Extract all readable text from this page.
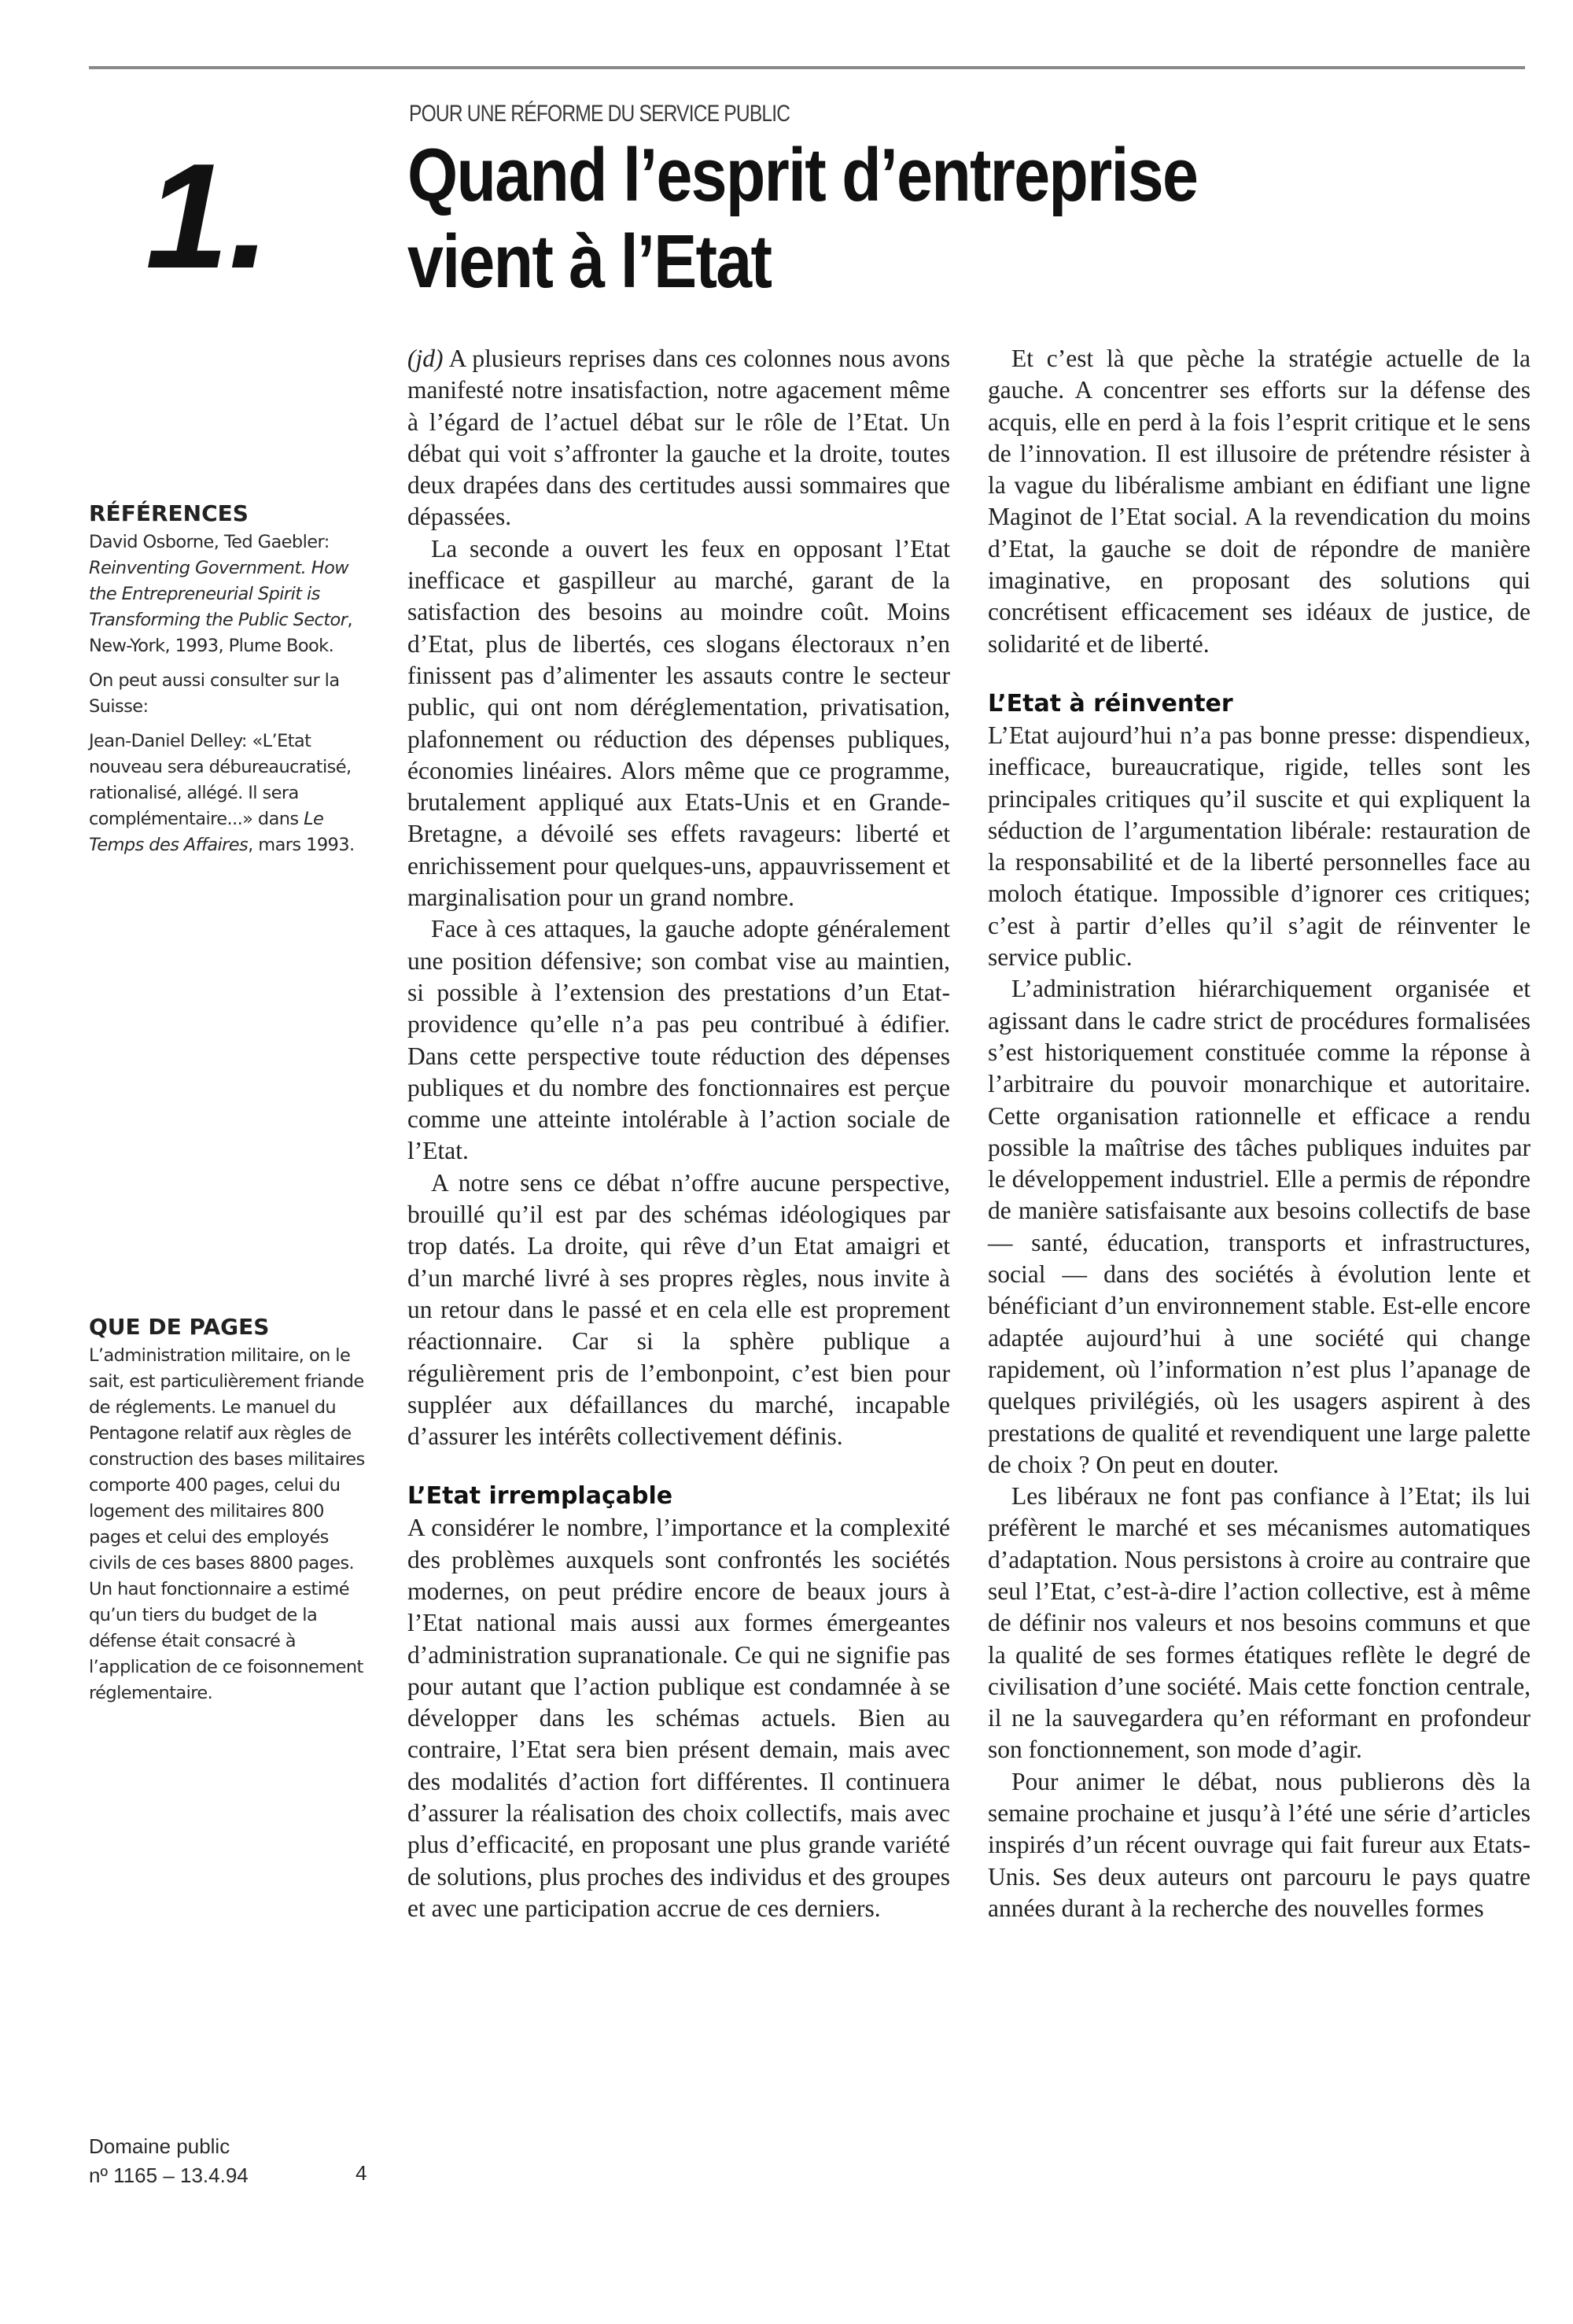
POUR UNE RÉFORME DU SERVICE PUBLIC
1. Quand l’esprit d’entreprise
vient à l’Etat
RÉFÉRENCES

David Osborne, Ted Gaebler: Reinventing Government. How the Entrepreneurial Spirit is Transforming the Public Sector, New-York, 1993, Plume Book.

On peut aussi consulter sur la Suisse:

Jean-Daniel Delley: «L’Etat nouveau sera débureaucratisé, rationalisé, allégé. Il sera complémentaire...» dans Le Temps des Affaires, mars 1993.

QUE DE PAGES

L’administration militaire, on le sait, est particulièrement friande de réglements. Le manuel du Pentagone relatif aux règles de construction des bases militaires comporte 400 pages, celui du logement des militaires 800 pages et celui des employés civils de ces bases 8800 pages. Un haut fonctionnaire a estimé qu’un tiers du budget de la défense était consacré à l’application de ce foisonnement réglementaire.

Domaine public
nº 1165 – 13.4.94	4

(jd) A plusieurs reprises dans ces colonnes nous avons manifesté notre insatisfaction, notre agacement même à l’égard de l’actuel débat sur le rôle de l’Etat. Un débat qui voit s’affronter la gauche et la droite, toutes deux drapées dans des certitudes aussi sommaires que dépassées.

La seconde a ouvert les feux en opposant l’Etat inefficace et gaspilleur au marché, garant de la satisfaction des besoins au moindre coût. Moins d’Etat, plus de libertés, ces slogans électoraux n’en finissent pas d’alimenter les assauts contre le secteur public, qui ont nom déréglementation, privatisation, plafonnement ou réduction des dépenses publiques, économies linéaires. Alors même que ce programme, brutalement appliqué aux Etats-Unis et en Grande-Bretagne, a dévoilé ses effets ravageurs: liberté et enrichissement pour quelques-uns, appauvrissement et marginalisation pour un grand nombre.

Face à ces attaques, la gauche adopte généralement une position défensive; son combat vise au maintien, si possible à l’extension des prestations d’un Etat-providence qu’elle n’a pas peu contribué à édifier. Dans cette perspective toute réduction des dépenses publiques et du nombre des fonctionnaires est perçue comme une atteinte intolérable à l’action sociale de l’Etat.

A notre sens ce débat n’offre aucune perspective, brouillé qu’il est par des schémas idéologiques par trop datés. La droite, qui rêve d’un Etat amaigri et d’un marché livré à ses propres règles, nous invite à un retour dans le passé et en cela elle est proprement réactionnaire. Car si la sphère publique a régulièrement pris de l’embonpoint, c’est bien pour suppléer aux défaillances du marché, incapable d’assurer les intérêts collectivement définis.

L’Etat irremplaçable

A considérer le nombre, l’importance et la complexité des problèmes auxquels sont confrontés les sociétés modernes, on peut prédire encore de beaux jours à l’Etat national mais aussi aux formes émergeantes d’administration supranationale. Ce qui ne signifie pas pour autant que l’action publique est condamnée à se développer dans les schémas actuels. Bien au contraire, l’Etat sera bien présent demain, mais avec des modalités d’action fort différentes. Il continuera d’assurer la réalisation des choix collectifs, mais avec plus d’efficacité, en proposant une plus grande variété de solutions, plus proches des individus et des groupes et avec une participation accrue de ces derniers.

Et c’est là que pèche la stratégie actuelle de la gauche. A concentrer ses efforts sur la défense des acquis, elle en perd à la fois l’esprit critique et le sens de l’innovation. Il est illusoire de prétendre résister à la vague du libéralisme ambiant en édifiant une ligne Maginot de l’Etat social. A la revendication du moins d’Etat, la gauche se doit de répondre de manière imaginative, en proposant des solutions qui concrétisent efficacement ses idéaux de justice, de solidarité et de liberté.

L’Etat à réinventer

L’Etat aujourd’hui n’a pas bonne presse: dispendieux, inefficace, bureaucratique, rigide, telles sont les principales critiques qu’il suscite et qui expliquent la séduction de l’argumentation libérale: restauration de la responsabilité et de la liberté personnelles face au moloch étatique. Impossible d’ignorer ces critiques; c’est à partir d’elles qu’il s’agit de réinventer le service public.

L’administration hiérarchiquement organisée et agissant dans le cadre strict de procédures formalisées s’est historiquement constituée comme la réponse à l’arbitraire du pouvoir monarchique et autoritaire. Cette organisation rationnelle et efficace a rendu possible la maîtrise des tâches publiques induites par le développement industriel. Elle a permis de répondre de manière satisfaisante aux besoins collectifs de base — santé, éducation, transports et infrastructures, social — dans des sociétés à évolution lente et bénéficiant d’un environnement stable. Est-elle encore adaptée aujourd’hui à une société qui change rapidement, où l’information n’est plus l’apanage de quelques privilégiés, où les usagers aspirent à des prestations de qualité et revendiquent une large palette de choix ? On peut en douter.

Les libéraux ne font pas confiance à l’Etat; ils lui préfèrent le marché et ses mécanismes automatiques d’adaptation. Nous persistons à croire au contraire que seul l’Etat, c’est-à-dire l’action collective, est à même de définir nos valeurs et nos besoins communs et que la qualité de ses formes étatiques reflète le degré de civilisation d’une société. Mais cette fonction centrale, il ne la sauvegardera qu’en réformant en profondeur son fonctionnement, son mode d’agir.

Pour animer le débat, nous publierons dès la semaine prochaine et jusqu’à l’été une série d’articles inspirés d’un récent ouvrage qui fait fureur aux Etats-Unis. Ses deux auteurs ont parcouru le pays quatre années durant à la recherche des nouvelles formes
